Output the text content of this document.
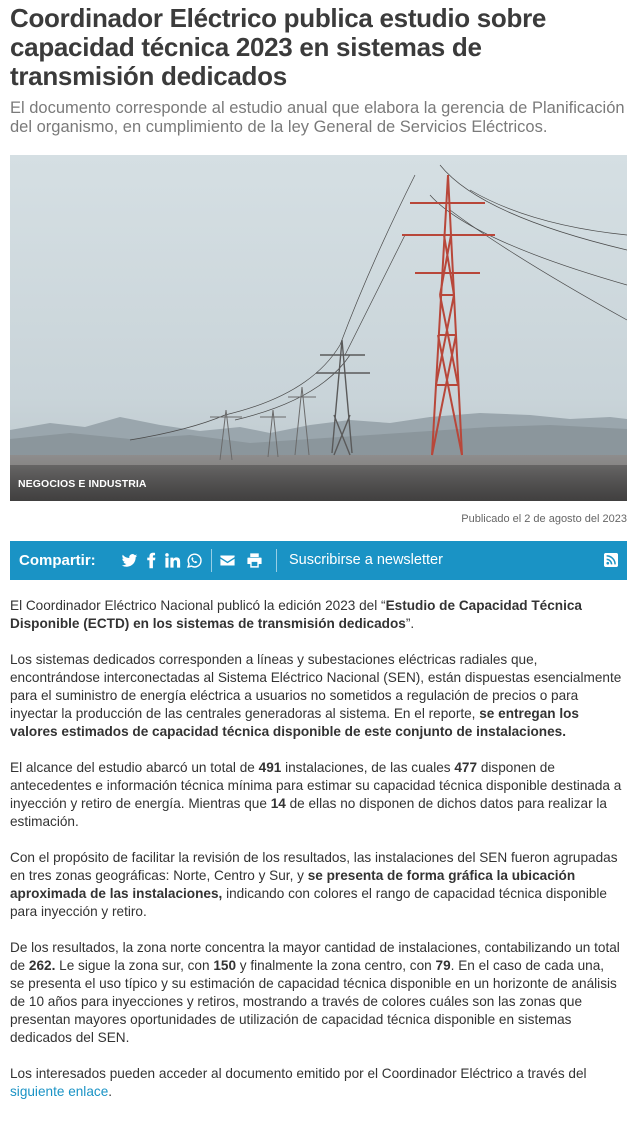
Coordinador Eléctrico publica estudio sobre capacidad técnica 2023 en sistemas de transmisión dedicados

El documento corresponde al estudio anual que elabora la gerencia de Planificación del organismo, en cumplimiento de la ley General de Servicios Eléctricos.

NEGOCIOS E INDUSTRIA
Publicado el 2 de agosto del 2023
Compartir:	Suscribirse a newsletter

El Coordinador Eléctrico Nacional publicó la edición 2023 del “Estudio de Capacidad Técnica Disponible (ECTD) en los sistemas de transmisión dedicados”.

Los sistemas dedicados corresponden a líneas y subestaciones eléctricas radiales que, encontrándose interconectadas al Sistema Eléctrico Nacional (SEN), están dispuestas esencialmente para el suministro de energía eléctrica a usuarios no sometidos a regulación de precios o para inyectar la producción de las centrales generadoras al sistema. En el reporte, se entregan los valores estimados de capacidad técnica disponible de este conjunto de instalaciones.

El alcance del estudio abarcó un total de 491 instalaciones, de las cuales 477 disponen de antecedentes e información técnica mínima para estimar su capacidad técnica disponible destinada a inyección y retiro de energía. Mientras que 14 de ellas no disponen de dichos datos para realizar la estimación.

Con el propósito de facilitar la revisión de los resultados, las instalaciones del SEN fueron agrupadas en tres zonas geográficas: Norte, Centro y Sur, y se presenta de forma gráfica la ubicación aproximada de las instalaciones, indicando con colores el rango de capacidad técnica disponible para inyección y retiro.

De los resultados, la zona norte concentra la mayor cantidad de instalaciones, contabilizando un total de 262. Le sigue la zona sur, con 150 y finalmente la zona centro, con 79. En el caso de cada una, se presenta el uso típico y su estimación de capacidad técnica disponible en un horizonte de análisis de 10 años para inyecciones y retiros, mostrando a través de colores cuáles son las zonas que presentan mayores oportunidades de utilización de capacidad técnica disponible en sistemas dedicados del SEN.

Los interesados pueden acceder al documento emitido por el Coordinador Eléctrico a través del siguiente enlace.
